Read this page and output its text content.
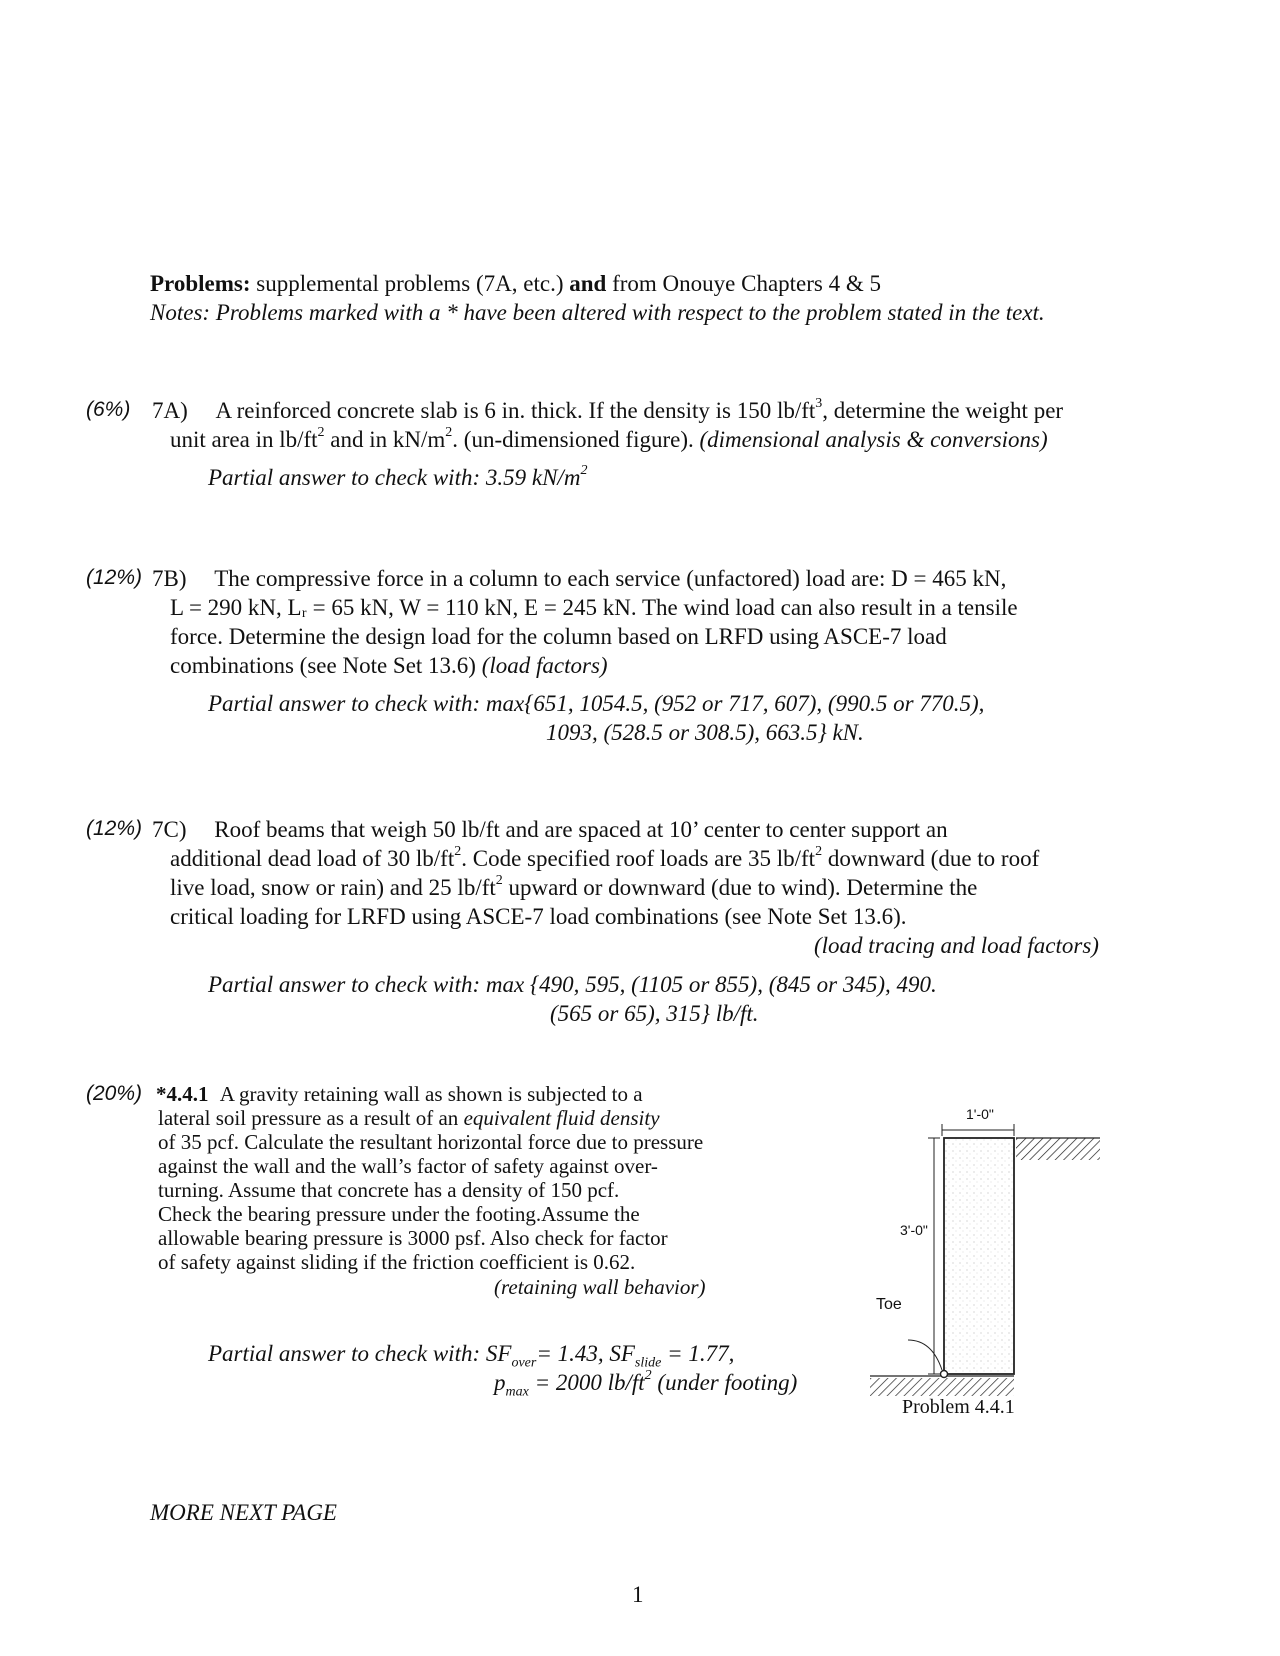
Problems: supplemental problems (7A, etc.) and from Onouye Chapters 4 & 5
Notes: Problems marked with a * have been altered with respect to the problem stated in the text.
(6%) 7A) A reinforced concrete slab is 6 in. thick. If the density is 150 $lb/ft^3$, determine the weight per
unit area in $lb/ft^2$ and in $kN/m^2$. (un-dimensioned figure). (dimensional analysis & conversions)
Partial answer to check with: 3.59 $kN/m^2$
(12%) 7B) The compressive force in a column to each service (unfactored) load are: D = 465 kN,
L = 290 kN, Lᵣ = 65 kN, W = 110 kN, E = 245 kN. The wind load can also result in a tensile
force. Determine the design load for the column based on LRFD using ASCE-7 load
combinations (see Note Set 13.6) (load factors)
Partial answer to check with: max{651, 1054.5, (952 or 717, 607), (990.5 or 770.5),
1093, (528.5 or 308.5), 663.5} kN.
(12%) 7C) Roof beams that weigh 50 lb/ft and are spaced at 10’ center to center support an
additional dead load of 30 $lb/ft^2$. Code specified roof loads are 35 $lb/ft^2$ downward (due to roof
live load, snow or rain) and 25 $lb/ft^2$ upward or downward (due to wind). Determine the
critical loading for LRFD using ASCE-7 load combinations (see Note Set 13.6).
(load tracing and load factors)
Partial answer to check with: max {490, 595, (1105 or 855), (845 or 345), 490.
(565 or 65), 315} lb/ft.
(20%) *4.4.1 A gravity retaining wall as shown is subjected to a
lateral soil pressure as a result of an equivalent fluid density
of 35 pcf. Calculate the resultant horizontal force due to pressure
against the wall and the wall’s factor of safety against over-
turning. Assume that concrete has a density of 150 pcf.
Check the bearing pressure under the footing.Assume the
allowable bearing pressure is 3000 psf. Also check for factor
of safety against sliding if the friction coefficient is 0.62.
(retaining wall behavior)
Partial answer to check with: $SF_{over}= 1.43$, $SF_{slide} = 1.77$,
$p_{max} = 2000$ $lb/ft^2$ (under footing)
1'-0"
3'-0"
Toe
Problem 4.4.1
MORE NEXT PAGE
1
